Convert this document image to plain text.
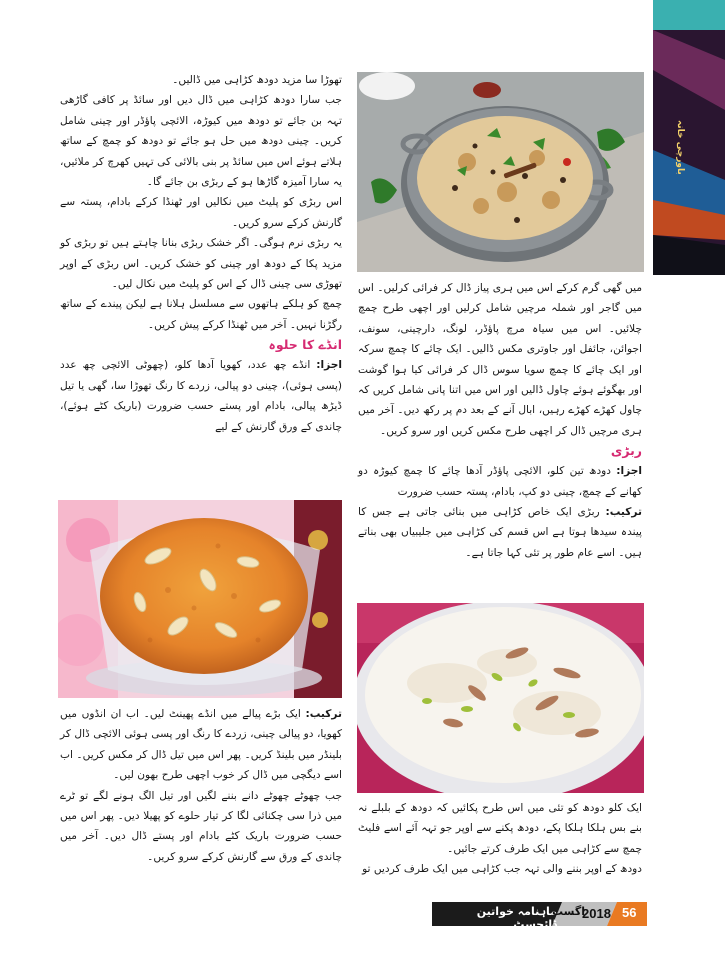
تھوڑا سا مزید دودھ کڑاہی میں ڈالیں۔

جب سارا دودھ کڑاہی میں ڈال دیں اور سائڈ پر کافی گاڑھی تہہ بن جائے تو دودھ میں کیوڑہ، الائچی پاؤڈر اور چینی شامل کریں۔ چینی دودھ میں حل ہو جائے تو دودھ کو چمچ کے ساتھ ہلاتے ہوئے اس میں سائڈ پر بنی بالائی کی تہیں کھرچ کر ملائیں، یہ سارا آمیزہ گاڑھا ہو کے ربڑی بن جائے گا۔

اس ربڑی کو پلیٹ میں نکالیں اور ٹھنڈا کرکے بادام، پستہ سے گارنش کرکے سرو کریں۔

یہ ربڑی نرم ہوگی۔ اگر خشک ربڑی بنانا چاہتے ہیں تو ربڑی کو مزید پکا کے دودھ اور چینی کو خشک کریں۔ اس ربڑی کے اوپر تھوڑی سی چینی ڈال کے اس کو پلیٹ میں نکال لیں۔

چمچ کو ہلکے ہاتھوں سے مسلسل ہلانا ہے لیکن پیندے کے ساتھ رگڑنا نہیں۔ آخر میں ٹھنڈا کرکے پیش کریں۔

انڈے کا حلوہ

اجزا: انڈے چھ عدد، کھویا آدھا کلو، (چھوٹی الائچی چھ عدد (پسی ہوئی)، چینی دو پیالی، زردے کا رنگ تھوڑا سا، گھی یا تیل ڈیڑھ پیالی، بادام اور پستے حسب ضرورت (باریک کٹے ہوئے)، چاندی کے ورق گارنش کے لیے

ترکیب: ایک بڑے پیالے میں انڈے پھینٹ لیں۔ اب ان انڈوں میں کھویا، دو پیالی چینی، زردے کا رنگ اور پسی ہوئی الائچی ڈال کر بلینڈر میں بلینڈ کریں۔ پھر اس میں تیل ڈال کر مکس کریں۔ اب اسے دیگچی میں ڈال کر خوب اچھی طرح بھون لیں۔

جب چھوٹے چھوٹے دانے بننے لگیں اور تیل الگ ہونے لگے تو ٹرے میں ذرا سی چکنائی لگا کر تیار حلوے کو پھیلا دیں۔ پھر اس میں حسب ضرورت باریک کٹے بادام اور پستے ڈال دیں۔ آخر میں چاندی کے ورق سے گارنش کرکے سرو کریں۔

باورچی خانہ

میں گھی گرم کرکے اس میں ہری پیاز ڈال کر فرائی کرلیں۔ اس میں گاجر اور شملہ مرچیں شامل کرلیں اور اچھی طرح چمچ چلائیں۔ اس میں سیاہ مرچ پاؤڈر، لونگ، دارچینی، سونف، اجوائن، جائفل اور جاوتری مکس ڈالیں۔ ایک چائے کا چمچ سرکہ اور ایک چائے کا چمچ سویا سوس ڈال کر فرائی کیا ہوا گوشت اور بھگوئے ہوئے چاول ڈالیں اور اس میں اتنا پانی شامل کریں کہ چاول کھڑے کھڑے رہیں، ابال آنے کے بعد دم پر رکھ دیں۔ آخر میں ہری مرچیں ڈال کر اچھی طرح مکس کریں اور سرو کریں۔

ربڑی

اجزا: دودھ تین کلو، الائچی پاؤڈر آدھا چائے کا چمچ کیوڑہ دو کھانے کے چمچ، چینی دو کپ، بادام، پستہ حسب ضرورت

ترکیب: ربڑی ایک خاص کڑاہی میں بنائی جاتی ہے جس کا پیندہ سیدھا ہوتا ہے اس قسم کی کڑاہی میں جلیبیاں بھی بناتے ہیں۔ اسے عام طور پر تئی کہا جاتا ہے۔

ایک کلو دودھ کو تئی میں اس طرح پکائیں کہ دودھ کے بلبلے نہ بنے بس ہلکا ہلکا پکے، دودھ پکنے سے اوپر جو تہہ آئے اسے فلیٹ چمچ سے کڑاہی میں ایک طرف کرتے جائیں۔

دودھ کے اوپر بننے والی تہہ جب کڑاہی میں ایک طرف کردیں تو

ماہنامہ خواتین ڈائجسٹ
اگست
2018 56
